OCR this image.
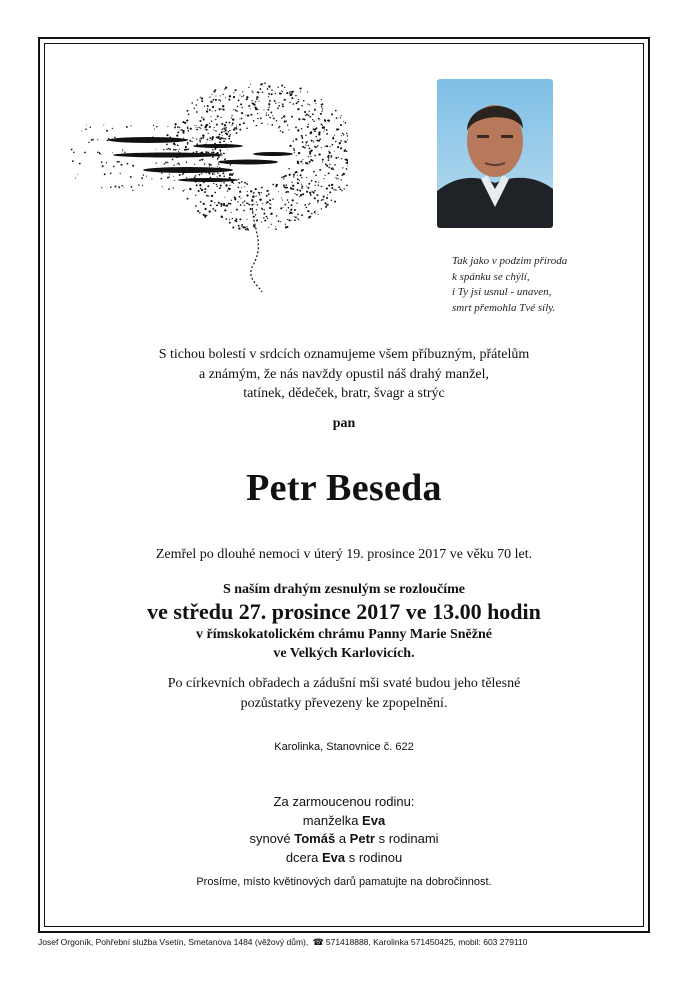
Tak jako v podzim příroda
k spánku se chýlí,
i Ty jsi usnul - unaven,
smrt přemohla Tvé síly.
S tichou bolestí v srdcích oznamujeme všem příbuzným, přátelům
a známým, že nás navždy opustil náš drahý manžel,
tatínek, dědeček, bratr, švagr a strýc
pan
Petr Beseda
Zemřel po dlouhé nemoci v úterý 19. prosince 2017 ve věku 70 let.
S naším drahým zesnulým se rozloučíme
ve středu 27. prosince 2017 ve 13.00 hodin
v římskokatolickém chrámu Panny Marie Sněžné
ve Velkých Karlovicích.
Po církevních obřadech a zádušní mši svaté budou jeho tělesné
pozůstatky převezeny ke zpopelnění.
Karolinka, Stanovnice č. 622
Za zarmoucenou rodinu:
manželka Eva
synové Tomáš a Petr s rodinami
dcera Eva s rodinou
Prosíme, místo květinových darů pamatujte na dobročinnost.
Josef Orgoník, Pohřební služba Vsetín, Smetanova 1484 (věžový dům), ☎ 571418888, Karolinka 571450425, mobil: 603 279110
